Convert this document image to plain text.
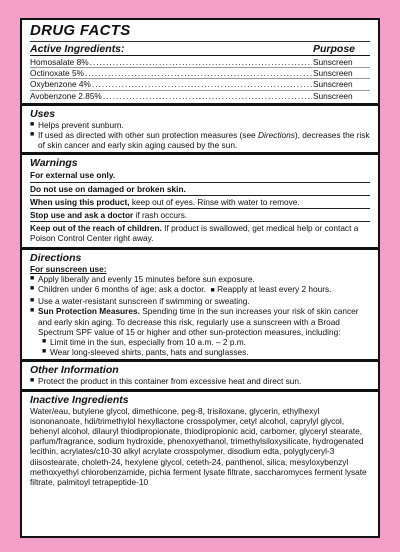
DRUG FACTS
Active Ingredients:	Purpose
Homosalate 8% .....	Sunscreen
Octinoxate 5% .....	Sunscreen
Oxybenzone 4% .....	Sunscreen
Avobenzone 2.85% .....	Sunscreen
Uses
■ Helps prevent sunburn.
■ If used as directed with other sun protection measures (see Directions), decreases the risk of skin cancer and early skin aging caused by the sun.
Warnings
For external use only.
Do not use on damaged or broken skin.
When using this product, keep out of eyes. Rinse with water to remove.
Stop use and ask a doctor if rash occurs.
Keep out of the reach of children. If product is swallowed, get medical help or contact a Poison Control Center right away.
Directions
For sunscreen use:
■ Apply liberally and evenly 15 minutes before sun exposure.
■ Children under 6 months of age: ask a doctor. ■ Reapply at least every 2 hours.
■ Use a water-resistant sunscreen if swimming or sweating.
■ Sun Protection Measures. Spending time in the sun increases your risk of skin cancer and early skin aging. To decrease this risk, regularly use a sunscreen with a Broad Spectrum SPF value of 15 or higher and other sun-protection measures, including:
■ Limit time in the sun, especially from 10 a.m. – 2 p.m.
■ Wear long-sleeved shirts, pants, hats and sunglasses.
Other Information
■ Protect the product in this container from excessive heat and direct sun.
Inactive Ingredients
Water/eau, butylene glycol, dimethicone, peg-8, trisiloxane, glycerin, ethylhexyl isononanoate, hdi/trimethylol hexyllactone crosspolymer, cetyl alcohol, caprylyl glycol, behenyl alcohol, dilauryl thiodipropionate, thiodipropionic acid, carbomer, glyceryl stearate, parfum/fragrance, sodium hydroxide, phenoxyethanol, trimethylsiloxysilicate, hydrogenated lecithin, acrylates/c10-30 alkyl acrylate crosspolymer, disodium edta, polyglyceryl-3 diisostearate, choleth-24, hexylene glycol, ceteth-24, panthenol, silica, mesyloxybenzyl methoxyethyl chlorobenzamide, pichia ferment lysate filtrate, saccharomyces ferment lysate filtrate, palmitoyl tetrapeptide-10
